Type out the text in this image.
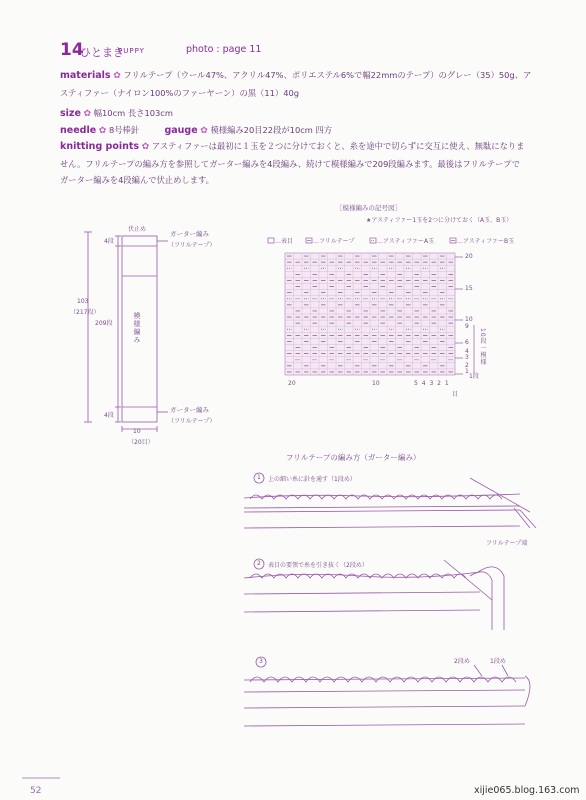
14
ひとまき
PUPPY	photo : page 11
materials ✿ フリルテープ（ウール47%、アクリル47%、ポリエステル6%で幅22mmのテープ）のグレー（35）50g、ア
スティファー（ナイロン100%のファーヤーン）の黒（11）40g
size ✿ 幅10cm 長さ103cm
needle ✿ 8号棒針	gauge ✿ 模様編み20目22段が10cm 四方
knitting points ✿ アスティファーは最初に１玉を２つに分けておくと、糸を途中で切らずに交互に使え、無駄になりま
せん。フリルテープの編み方を参照してガーター編みを4段編み、続けて模様編みで209段編みます。最後はフリルテープで
ガーター編みを4段編んで伏止めします。
伏止め
ガーター編み
（フリルテープ）
4段
103
（217段）
209段	模様編み
4段
ガーター編み
（フリルテープ）
10
（20目）
［模様編みの記号図］
★アスティファー1玉を2つに分けておく（A玉、B玉）
…表目	…フリルテープ	…アスティファーA玉	…アスティファーB玉
20
15
10
9
10段一模様
6
4
3
2
1
1段
20	10	5 4 3 2 1
目
フリルテープの編み方（ガーター編み）
1 上の細い糸に針を通す（1段め）
フリルテープ端
2 表目の要領で糸を引き抜く（2段め）
3	2段め	1段め
52	xijie065.blog.163.com
